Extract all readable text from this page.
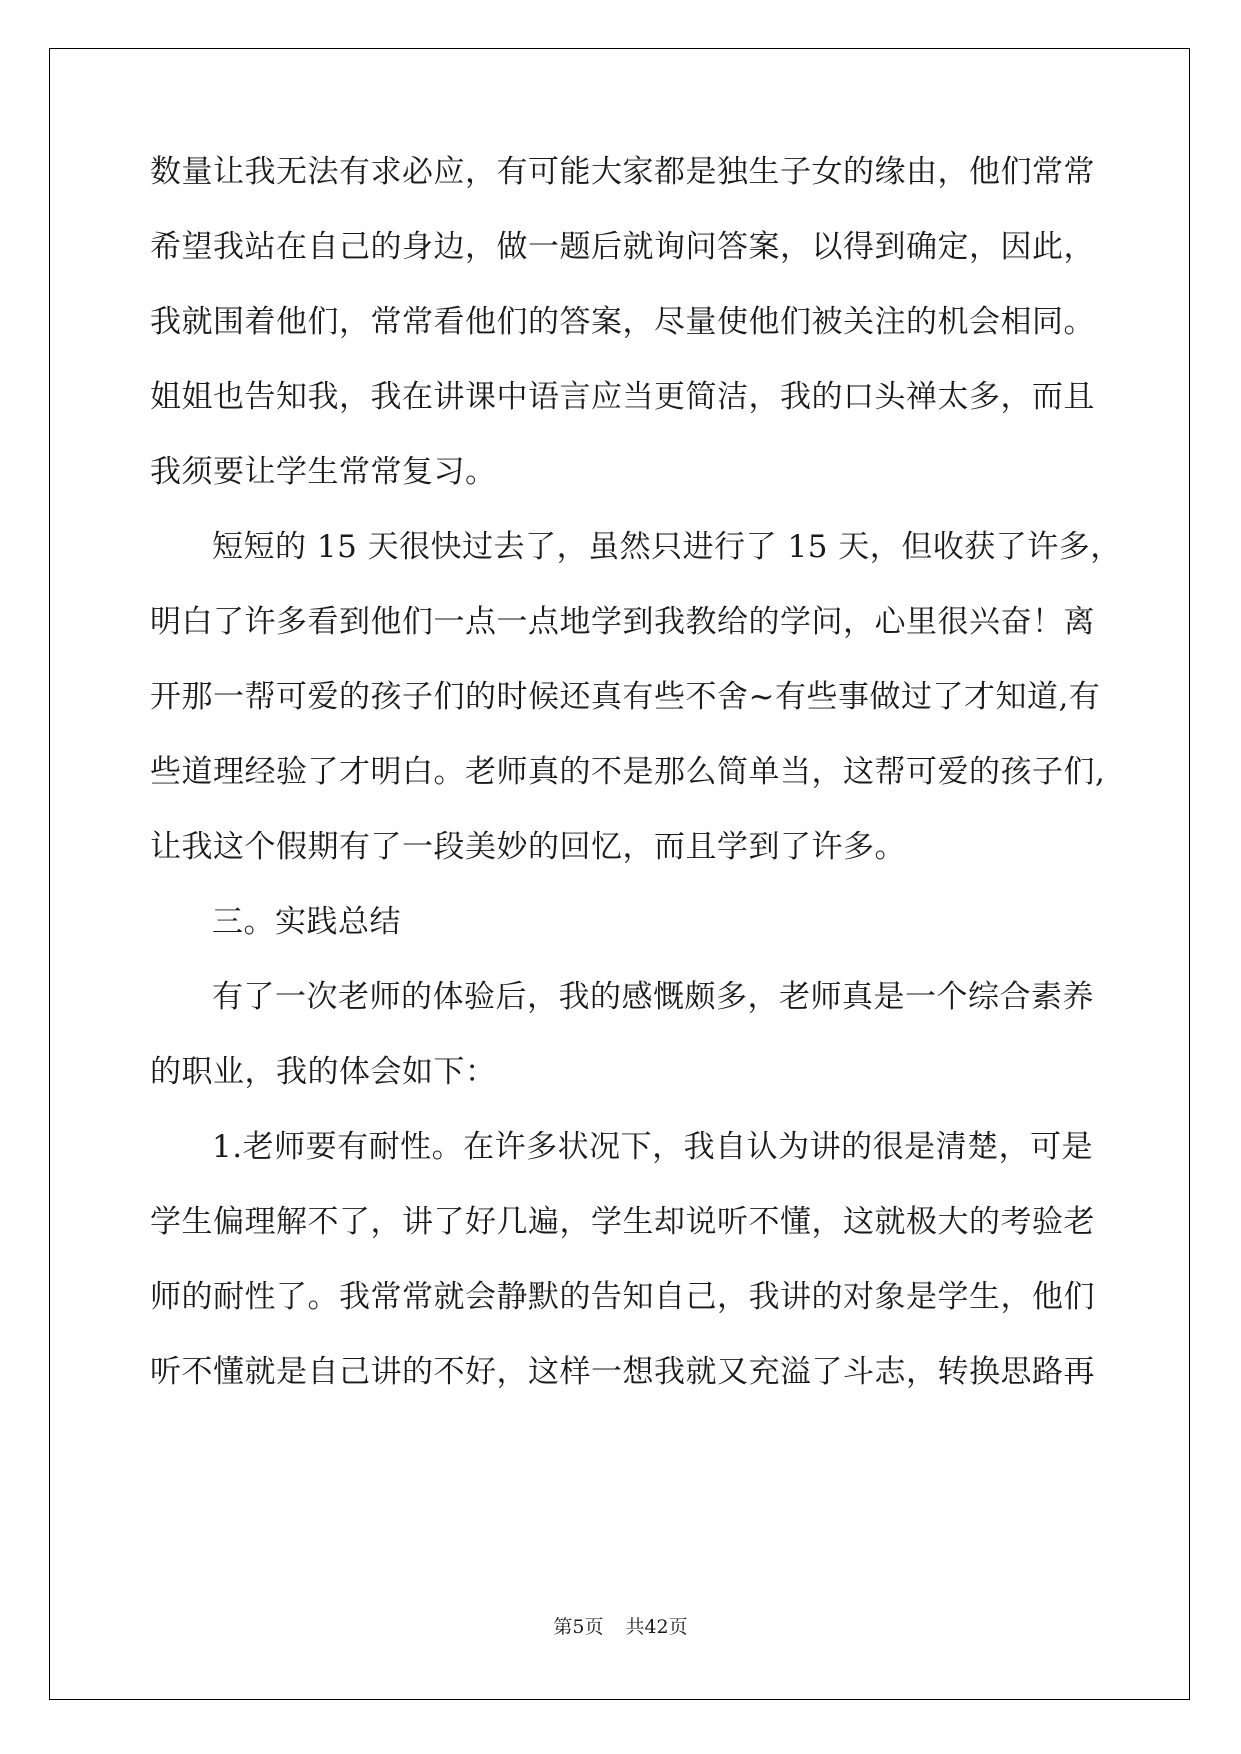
数量让我无法有求必应，有可能大家都是独生子女的缘由，他们常常
希望我站在自己的身边，做一题后就询问答案，以得到确定，因此，
我就围着他们，常常看他们的答案，尽量使他们被关注的机会相同。
姐姐也告知我，我在讲课中语言应当更简洁，我的口头禅太多，而且
我须要让学生常常复习。
短短的 15 天很快过去了，虽然只进行了 15 天，但收获了许多，
明白了许多看到他们一点一点地学到我教给的学问，心里很兴奋！离
开那一帮可爱的孩子们的时候还真有些不舍~有些事做过了才知道,有
些道理经验了才明白。老师真的不是那么简单当，这帮可爱的孩子们,
让我这个假期有了一段美妙的回忆，而且学到了许多。
三。实践总结
有了一次老师的体验后，我的感慨颇多，老师真是一个综合素养
的职业，我的体会如下：
1.老师要有耐性。在许多状况下，我自认为讲的很是清楚，可是
学生偏理解不了，讲了好几遍，学生却说听不懂，这就极大的考验老
师的耐性了。我常常就会静默的告知自己，我讲的对象是学生，他们
听不懂就是自己讲的不好，这样一想我就又充溢了斗志，转换思路再
第5页 共42页
